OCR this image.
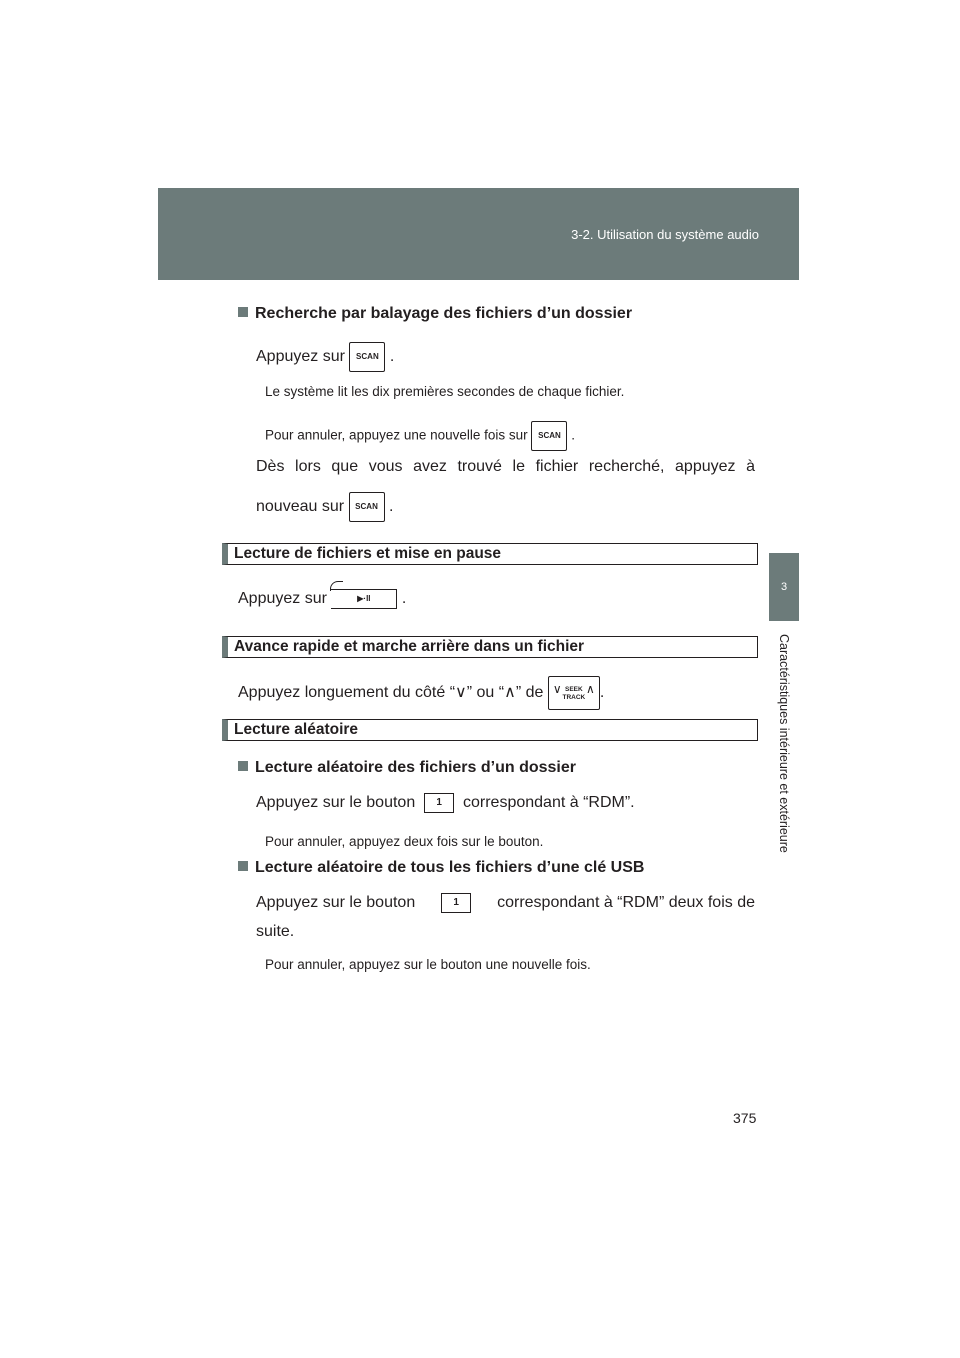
3-2. Utilisation du système audio
3
Caractéristiques intérieure et extérieure
Recherche par balayage des fichiers d’un dossier
Appuyez sur SCAN .
Le système lit les dix premières secondes de chaque fichier.
Pour annuler, appuyez une nouvelle fois sur SCAN .
Dès lors que vous avez trouvé le fichier recherché, appuyez à
nouveau sur SCAN .
Lecture de fichiers et mise en pause
Appuyez sur	▶·II .
Avance rapide et marche arrière dans un fichier
Appuyez longuement du côté “∨” ou “∧” de ∨ SEEK
TRACK
∧ .
Lecture aléatoire
Lecture aléatoire des fichiers d’un dossier
Appuyez sur le bouton 1 correspondant à “RDM”.
Pour annuler, appuyez deux fois sur le bouton.
Lecture aléatoire de tous les fichiers d’une clé USB
Appuyez sur le bouton	1	correspondant à “RDM” deux fois de
suite.
Pour annuler, appuyez sur le bouton une nouvelle fois.
375
